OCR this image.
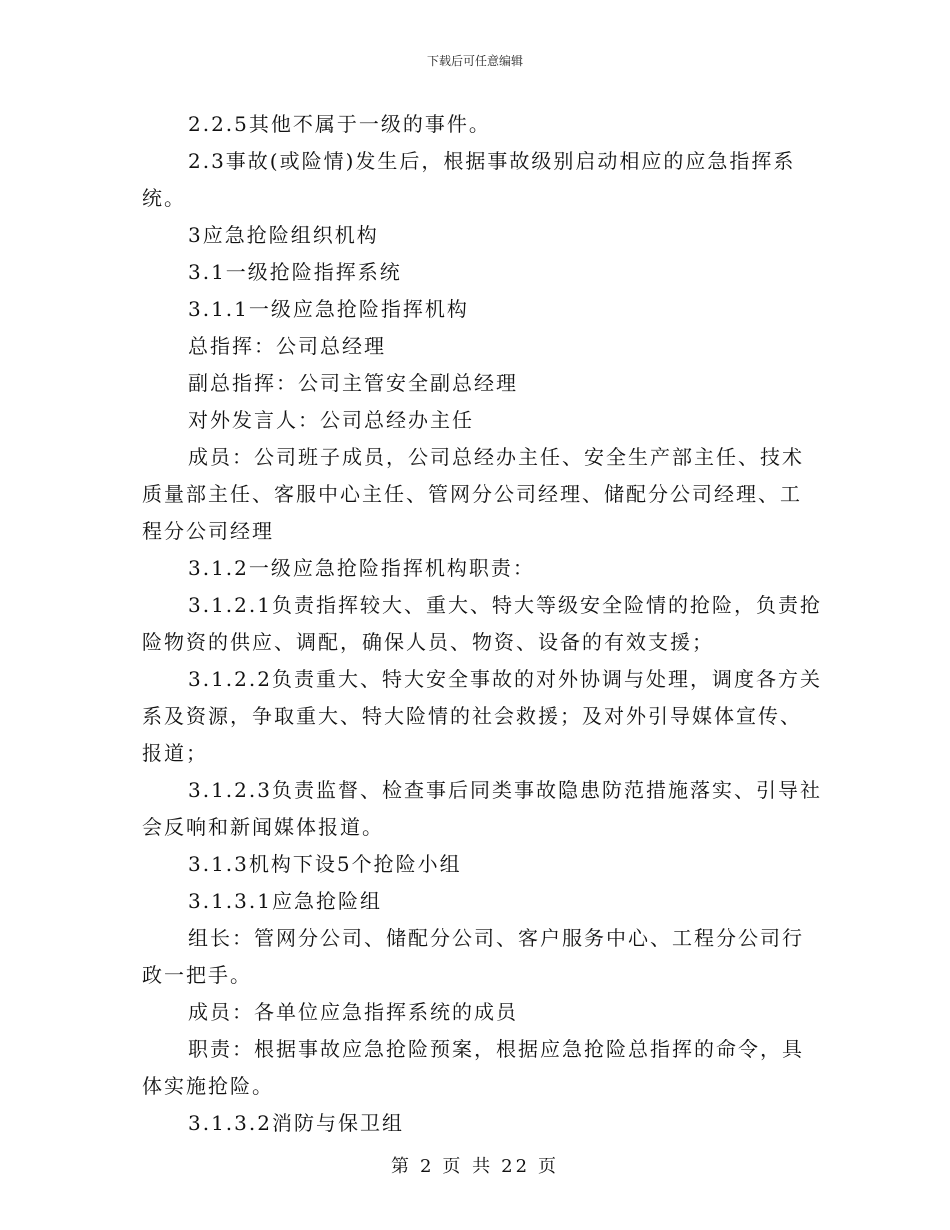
下载后可任意编辑

2.2.5其他不属于一级的事件。

2.3事故(或险情)发生后，根据事故级别启动相应的应急指挥系统。

3应急抢险组织机构

3.1一级抢险指挥系统

3.1.1一级应急抢险指挥机构

总指挥：公司总经理

副总指挥：公司主管安全副总经理

对外发言人：公司总经办主任

成员：公司班子成员，公司总经办主任、安全生产部主任、技术质量部主任、客服中心主任、管网分公司经理、储配分公司经理、工程分公司经理

3.1.2一级应急抢险指挥机构职责：

3.1.2.1负责指挥较大、重大、特大等级安全险情的抢险，负责抢险物资的供应、调配，确保人员、物资、设备的有效支援；

3.1.2.2负责重大、特大安全事故的对外协调与处理，调度各方关系及资源，争取重大、特大险情的社会救援；及对外引导媒体宣传、报道；

3.1.2.3负责监督、检查事后同类事故隐患防范措施落实、引导社会反响和新闻媒体报道。

3.1.3机构下设5个抢险小组

3.1.3.1应急抢险组

组长：管网分公司、储配分公司、客户服务中心、工程分公司行政一把手。

成员：各单位应急指挥系统的成员

职责：根据事故应急抢险预案，根据应急抢险总指挥的命令，具体实施抢险。

3.1.3.2消防与保卫组

第 2 页 共 22 页
